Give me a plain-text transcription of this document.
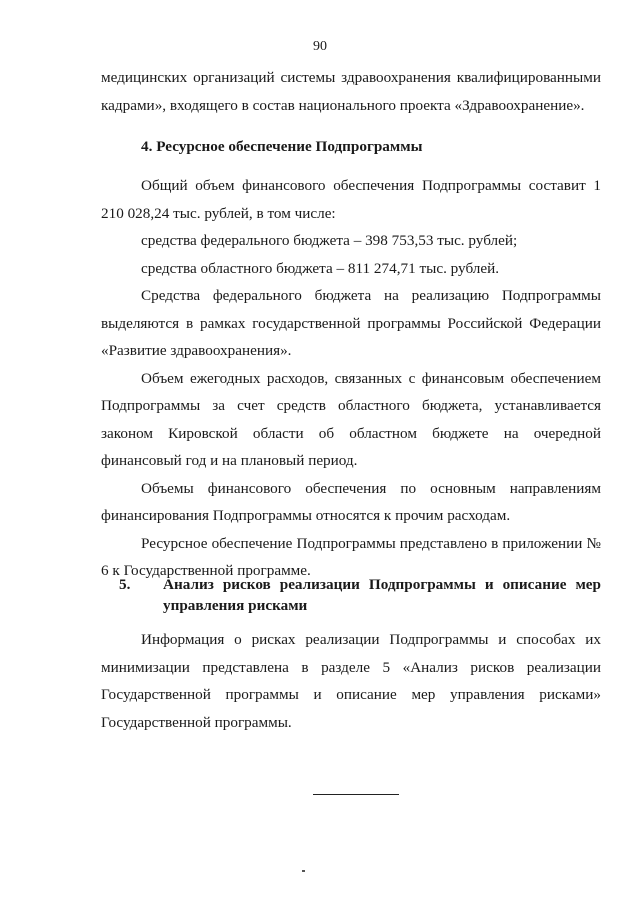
90

медицинских организаций системы здравоохранения квалифицированными кадрами», входящего в состав национального проекта «Здравоохранение».

4. Ресурсное обеспечение Подпрограммы

Общий объем финансового обеспечения Подпрограммы составит 1 210 028,24 тыс. рублей, в том числе:

средства федерального бюджета – 398 753,53 тыс. рублей;

средства областного бюджета – 811 274,71 тыс. рублей.

Средства федерального бюджета на реализацию Подпрограммы выделяются в рамках государственной программы Российской Федерации «Развитие здравоохранения».

Объем ежегодных расходов, связанных с финансовым обеспечением Подпрограммы за счет средств областного бюджета, устанавливается законом Кировской области об областном бюджете на очередной финансовый год и на плановый период.

Объемы финансового обеспечения по основным направлениям финансирования Подпрограммы относятся к прочим расходам.

Ресурсное обеспечение Подпрограммы представлено в приложении № 6 к Государственной программе.

5. Анализ рисков реализации Подпрограммы и описание мер управления рисками

Информация о рисках реализации Подпрограммы и способах их минимизации представлена в разделе 5 «Анализ рисков реализации Государственной программы и описание мер управления рисками» Государственной программы.
